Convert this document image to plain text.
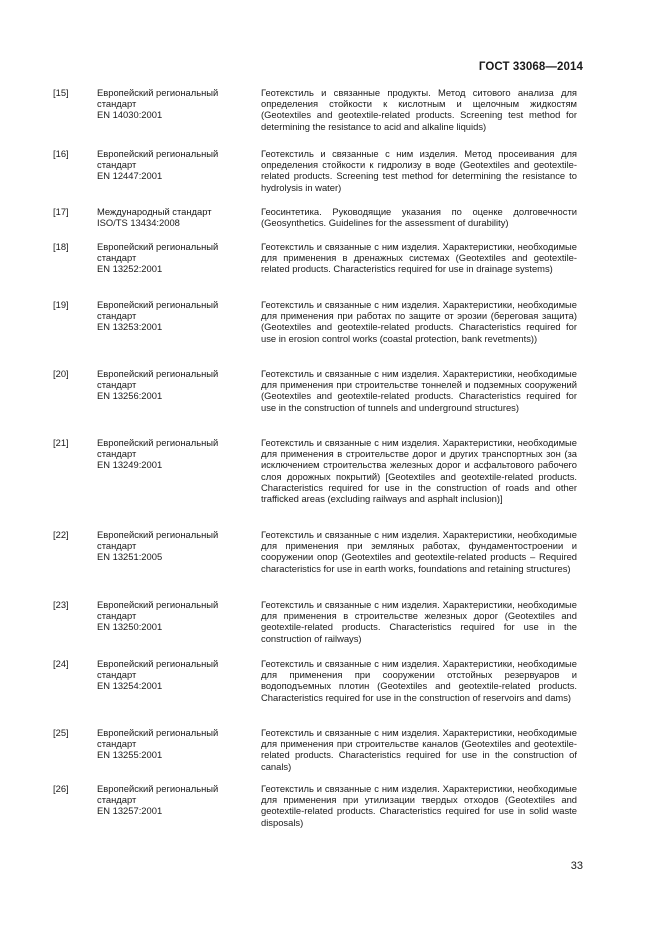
ГОСТ 33068—2014
[15]	Европейский региональный
стандарт
EN 14030:2001
Геотекстиль и связанные продукты. Метод ситового анализа для определения стойкости к кислотным и щелочным жидкостям (Geotextiles and geotextile-related products. Screening test method for determining the resistance to acid and alkaline liquids)
[16]	Европейский региональный
стандарт
EN 12447:2001
Геотекстиль и связанные с ним изделия. Метод просеивания для определения стойкости к гидролизу в воде (Geotextiles and geotextile-related products. Screening test method for determining the resistance to hydrolysis in water)
[17]	Международный стандарт
ISO/TS 13434:2008
Геосинтетика. Руководящие указания по оценке долговечности (Geosynthetics. Guidelines for the assessment of durability)
[18]	Европейский региональный
стандарт
EN 13252:2001
Геотекстиль и связанные с ним изделия. Характеристики, необходимые для применения в дренажных системах (Geotextiles and geotextile-related products. Characteristics required for use in drainage systems)
[19]	Европейский региональный
стандарт
EN 13253:2001
Геотекстиль и связанные с ним изделия. Характеристики, необходимые для применения при работах по защите от эрозии (береговая защита) (Geotextiles and geotextile-related products. Characteristics required for use in erosion control works (coastal protection, bank revetments))
[20]	Европейский региональный
стандарт
EN 13256:2001
Геотекстиль и связанные с ним изделия. Характеристики, необходимые для применения при строительстве тоннелей и подземных сооружений (Geotextiles and geotextile-related products. Characteristics required for use in the construction of tunnels and underground structures)
[21]	Европейский региональный
стандарт
EN 13249:2001
Геотекстиль и связанные с ним изделия. Характеристики, необходимые для применения в строительстве дорог и других транспортных зон (за исключением строительства железных дорог и асфальтового рабочего слоя дорожных покрытий) [Geotextiles and geotextile-related products. Characteristics required for use in the construction of roads and other trafficked areas (excluding railways and asphalt inclusion)]
[22]	Европейский региональный
стандарт
EN 13251:2005
Геотекстиль и связанные с ним изделия. Характеристики, необходимые для применения при земляных работах, фундаментостроении и сооружении опор (Geotextiles and geotextile-related products – Required characteristics for use in earth works, foundations and retaining structures)
[23]	Европейский региональный
стандарт
EN 13250:2001
Геотекстиль и связанные с ним изделия. Характеристики, необходимые для применения в строительстве железных дорог (Geotextiles and geotextile-related products. Characteristics required for use in the construction of railways)
[24]	Европейский региональный
стандарт
EN 13254:2001
Геотекстиль и связанные с ним изделия. Характеристики, необходимые для применения при сооружении отстойных резервуаров и водоподъемных плотин (Geotextiles and geotextile-related products. Characteristics required for use in the construction of reservoirs and dams)
[25]	Европейский региональный
стандарт
EN 13255:2001
Геотекстиль и связанные с ним изделия. Характеристики, необходимые для применения при строительстве каналов (Geotextiles and geotextile-related products. Characteristics required for use in the construction of canals)
[26]	Европейский региональный
стандарт
EN 13257:2001
Геотекстиль и связанные с ним изделия. Характеристики, необходимые для применения при утилизации твердых отходов (Geotextiles and geotextile-related products. Characteristics required for use in solid waste disposals)
33
